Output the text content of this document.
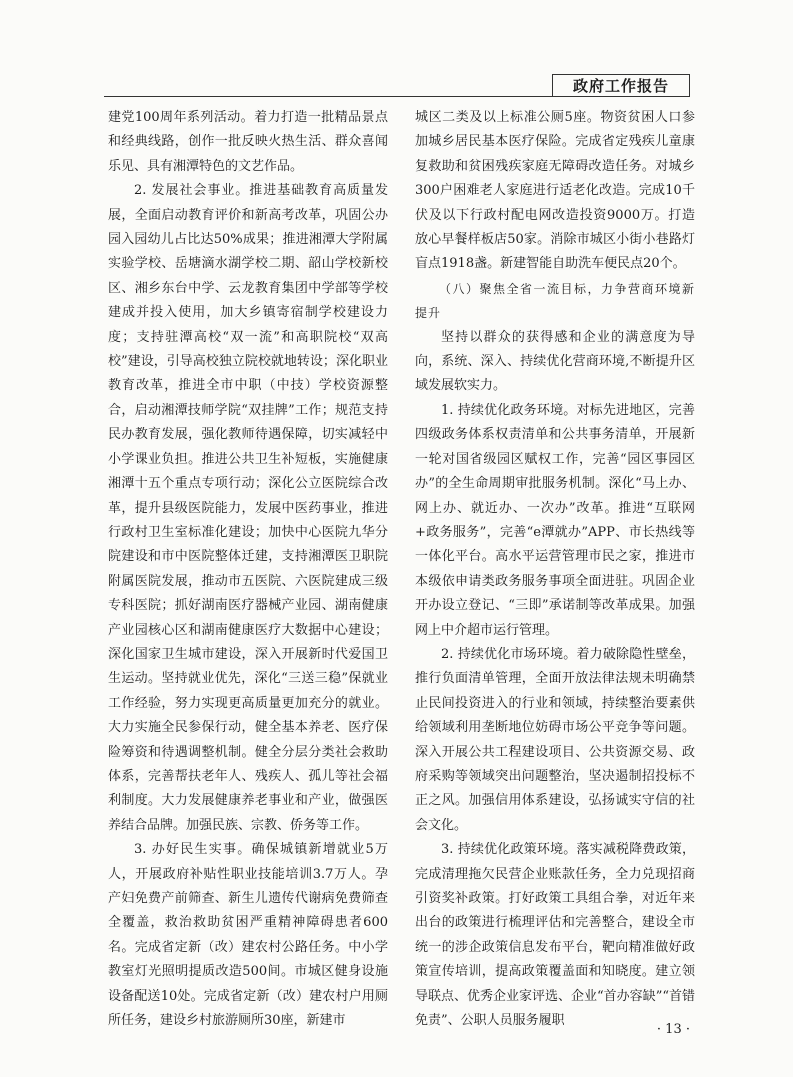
政府工作报告

建党100周年系列活动。着力打造一批精品景点和经典线路，创作一批反映火热生活、群众喜闻乐见、具有湘潭特色的文艺作品。

2. 发展社会事业。推进基础教育高质量发展，全面启动教育评价和新高考改革，巩固公办园入园幼儿占比达50%成果；推进湘潭大学附属实验学校、岳塘滴水湖学校二期、韶山学校新校区、湘乡东台中学、云龙教育集团中学部等学校建成并投入使用，加大乡镇寄宿制学校建设力度；支持驻潭高校“双一流”和高职院校“双高校”建设，引导高校独立院校就地转设；深化职业教育改革，推进全市中职（中技）学校资源整合，启动湘潭技师学院“双挂牌”工作；规范支持民办教育发展，强化教师待遇保障，切实减轻中小学课业负担。推进公共卫生补短板，实施健康湘潭十五个重点专项行动；深化公立医院综合改革，提升县级医院能力，发展中医药事业，推进行政村卫生室标准化建设；加快中心医院九华分院建设和市中医院整体迁建，支持湘潭医卫职院附属医院发展，推动市五医院、六医院建成三级专科医院；抓好湖南医疗器械产业园、湖南健康产业园核心区和湖南健康医疗大数据中心建设；深化国家卫生城市建设，深入开展新时代爱国卫生运动。坚持就业优先，深化“三送三稳”保就业工作经验，努力实现更高质量更加充分的就业。大力实施全民参保行动，健全基本养老、医疗保险筹资和待遇调整机制。健全分层分类社会救助体系，完善帮扶老年人、残疾人、孤儿等社会福利制度。大力发展健康养老事业和产业，做强医养结合品牌。加强民族、宗教、侨务等工作。

3. 办好民生实事。确保城镇新增就业5万人，开展政府补贴性职业技能培训3.7万人。孕产妇免费产前筛查、新生儿遗传代谢病免费筛查全覆盖，救治救助贫困严重精神障碍患者600名。完成省定新（改）建农村公路任务。中小学教室灯光照明提质改造500间。市城区健身设施设备配送10处。完成省定新（改）建农村户用厕所任务，建设乡村旅游厕所30座，新建市

城区二类及以上标准公厕5座。物资贫困人口参加城乡居民基本医疗保险。完成省定残疾儿童康复救助和贫困残疾家庭无障碍改造任务。对城乡300户困难老人家庭进行适老化改造。完成10千伏及以下行政村配电网改造投资9000万。打造放心早餐样板店50家。消除市城区小街小巷路灯盲点1918盏。新建智能自助洗车便民点20个。

（八）聚焦全省一流目标，力争营商环境新提升

坚持以群众的获得感和企业的满意度为导向，系统、深入、持续优化营商环境,不断提升区域发展软实力。

1. 持续优化政务环境。对标先进地区，完善四级政务体系权责清单和公共事务清单，开展新一轮对国省级园区赋权工作，完善“园区事园区办”的全生命周期审批服务机制。深化“马上办、网上办、就近办、一次办”改革。推进“互联网+政务服务”，完善“e潭就办”APP、市长热线等一体化平台。高水平运营管理市民之家，推进市本级依申请类政务服务事项全面进驻。巩固企业开办设立登记、“三即”承诺制等改革成果。加强网上中介超市运行管理。

2. 持续优化市场环境。着力破除隐性壁垒，推行负面清单管理，全面开放法律法规未明确禁止民间投资进入的行业和领域，持续整治要素供给领域利用垄断地位妨碍市场公平竞争等问题。深入开展公共工程建设项目、公共资源交易、政府采购等领域突出问题整治，坚决遏制招投标不正之风。加强信用体系建设，弘扬诚实守信的社会文化。

3. 持续优化政策环境。落实减税降费政策，完成清理拖欠民营企业账款任务，全力兑现招商引资奖补政策。打好政策工具组合拳，对近年来出台的政策进行梳理评估和完善整合，建设全市统一的涉企政策信息发布平台，靶向精准做好政策宣传培训，提高政策覆盖面和知晓度。建立领导联点、优秀企业家评选、企业“首办容缺”“首错免责”、公职人员服务履职

· 13 ·
